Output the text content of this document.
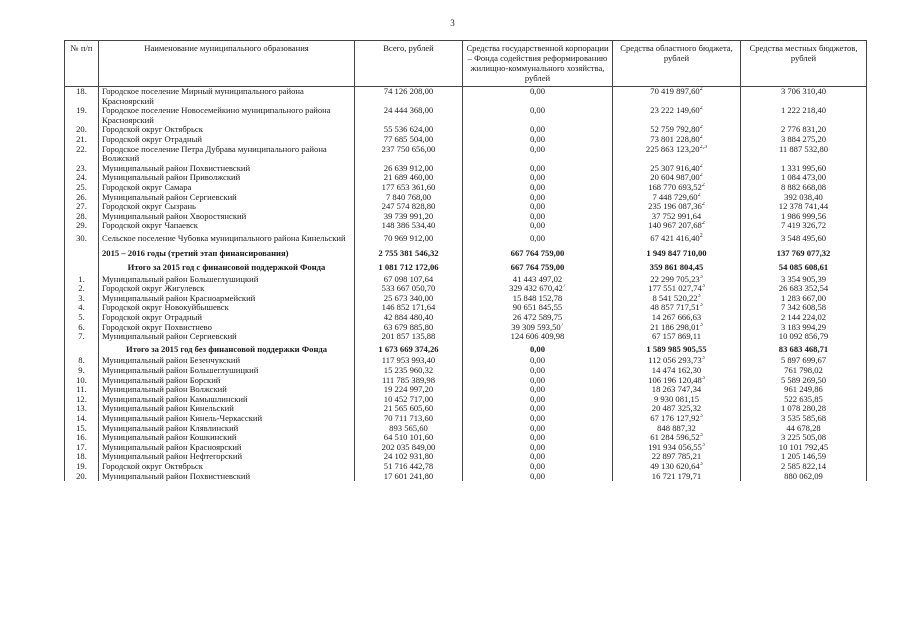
3
№ п/п	Наименование муниципального образования	Всего, рублей	Средства государственной корпорации – Фонда содействия реформированию жилищно-коммунального хозяйства, рублей	Средства областного бюджета, рублей	Средства местных бюджетов, рублей
18.	Городское поселение Мирный муниципального района Красноярский	74 126 208,00	0,00	70 419 897,60$^2$	3 706 310,40
19.	Городское поселение Новосемейкино муниципального района Красноярский	24 444 368,00	0,00	23 222 149,60$^2$	1 222 218,40
20.	Городской округ Октябрьск	55 536 624,00	0,00	52 759 792,80$^2$	2 776 831,20
21.	Городской округ Отрадный	77 685 504,00	0,00	73 801 228,80$^2$	3 884 275,20
22.	Городское поселение Петра Дубрава муниципального района Волжский	237 750 656,00	0,00	225 863 123,20$^{2,3}$	11 887 532,80
23.	Муниципальный район Похвистневский	26 639 912,00	0,00	25 307 916,40$^2$	1 331 995,60
24.	Муниципальный район Приволжский	21 689 460,00	0,00	20 604 987,00$^2$	1 084 473,00
25.	Городской округ Самара	177 653 361,60	0,00	168 770 693,52$^2$	8 882 668,08
26.	Муниципальный район Сергиевский	7 840 768,00	0,00	7 448 729,60$^2$	392 038,40
27.	Городской округ Сызрань	247 574 828,80	0,00	235 196 087,36$^2$	12 378 741,44
28.	Муниципальный район Хворостянский	39 739 991,20	0,00	37 752 991,64	1 986 999,56
29.	Городской округ Чапаевск	148 386 534,40	0,00	140 967 207,68$^2$	7 419 326,72
30.	Сельское поселение Чубовка муниципального района Кинельский	70 969 912,00	0,00	67 421 416,40$^2$	3 548 495,60
	2015 – 2016 годы (третий этап финансирования)	2 755 381 546,32	667 764 759,00	1 949 847 710,00	137 769 077,32
	Итого за 2015 год с финансовой поддержкой Фонда	1 081 712 172,06	667 764 759,00	359 861 804,45	54 085 608,61
1.	Муниципальный район Большеглушицкий	67 098 107,64	41 443 497,02	22 299 705,23$^3$	3 354 905,39
2.	Городской округ Жигулевск	533 667 050,70	329 432 670,42$^7$	177 551 027,74$^3$	26 683 352,54
3.	Муниципальный район Красноармейский	25 673 340,00	15 848 152,78	8 541 520,22$^3$	1 283 667,00
4.	Городской округ Новокуйбышевск	146 852 171,64	90 651 845,55	48 857 717,51$^3$	7 342 608,58
5.	Городской округ Отрадный	42 884 480,40	26 472 589,75	14 267 666,63	2 144 224,02
6.	Городской округ Похвистнево	63 679 885,80	39 309 593,50$^7$	21 186 298,01$^3$	3 183 994,29
7.	Муниципальный район Сергиевский	201 857 135,88	124 606 409,98	67 157 869,11	10 092 856,79
	Итого за 2015 год без финансовой поддержки Фонда	1 673 669 374,26	0,00	1 589 985 905,55	83 683 468,71
8.	Муниципальный район Безенчукский	117 953 993,40	0,00	112 056 293,73$^3$	5 897 699,67
9.	Муниципальный район Большеглушицкий	15 235 960,32	0,00	14 474 162,30	761 798,02
10.	Муниципальный район Борский	111 785 389,98	0,00	106 196 120,48$^3$	5 589 269,50
11.	Муниципальный район Волжский	19 224 997,20	0,00	18 263 747,34	961 249,86
12.	Муниципальный район Камышлинский	10 452 717,00	0,00	9 930 081,15	522 635,85
13.	Муниципальный район Кинельский	21 565 605,60	0,00	20 487 325,32	1 078 280,28
14.	Муниципальный район Кинель-Черкасский	70 711 713,60	0,00	67 176 127,92$^3$	3 535 585,68
15.	Муниципальный район Клявлинский	893 565,60	0,00	848 887,32	44 678,28
16.	Муниципальный район Кошкинский	64 510 101,60	0,00	61 284 596,52$^3$	3 225 505,08
17.	Муниципальный район Красноярский	202 035 849,00	0,00	191 934 056,55$^3$	10 101 792,45
18.	Муниципальный район Нефтегорский	24 102 931,80	0,00	22 897 785,21	1 205 146,59
19.	Городской округ Октябрьск	51 716 442,78	0,00	49 130 620,64$^3$	2 585 822,14
20.	Муниципальный район Похвистневский	17 601 241,80	0,00	16 721 179,71	880 062,09
